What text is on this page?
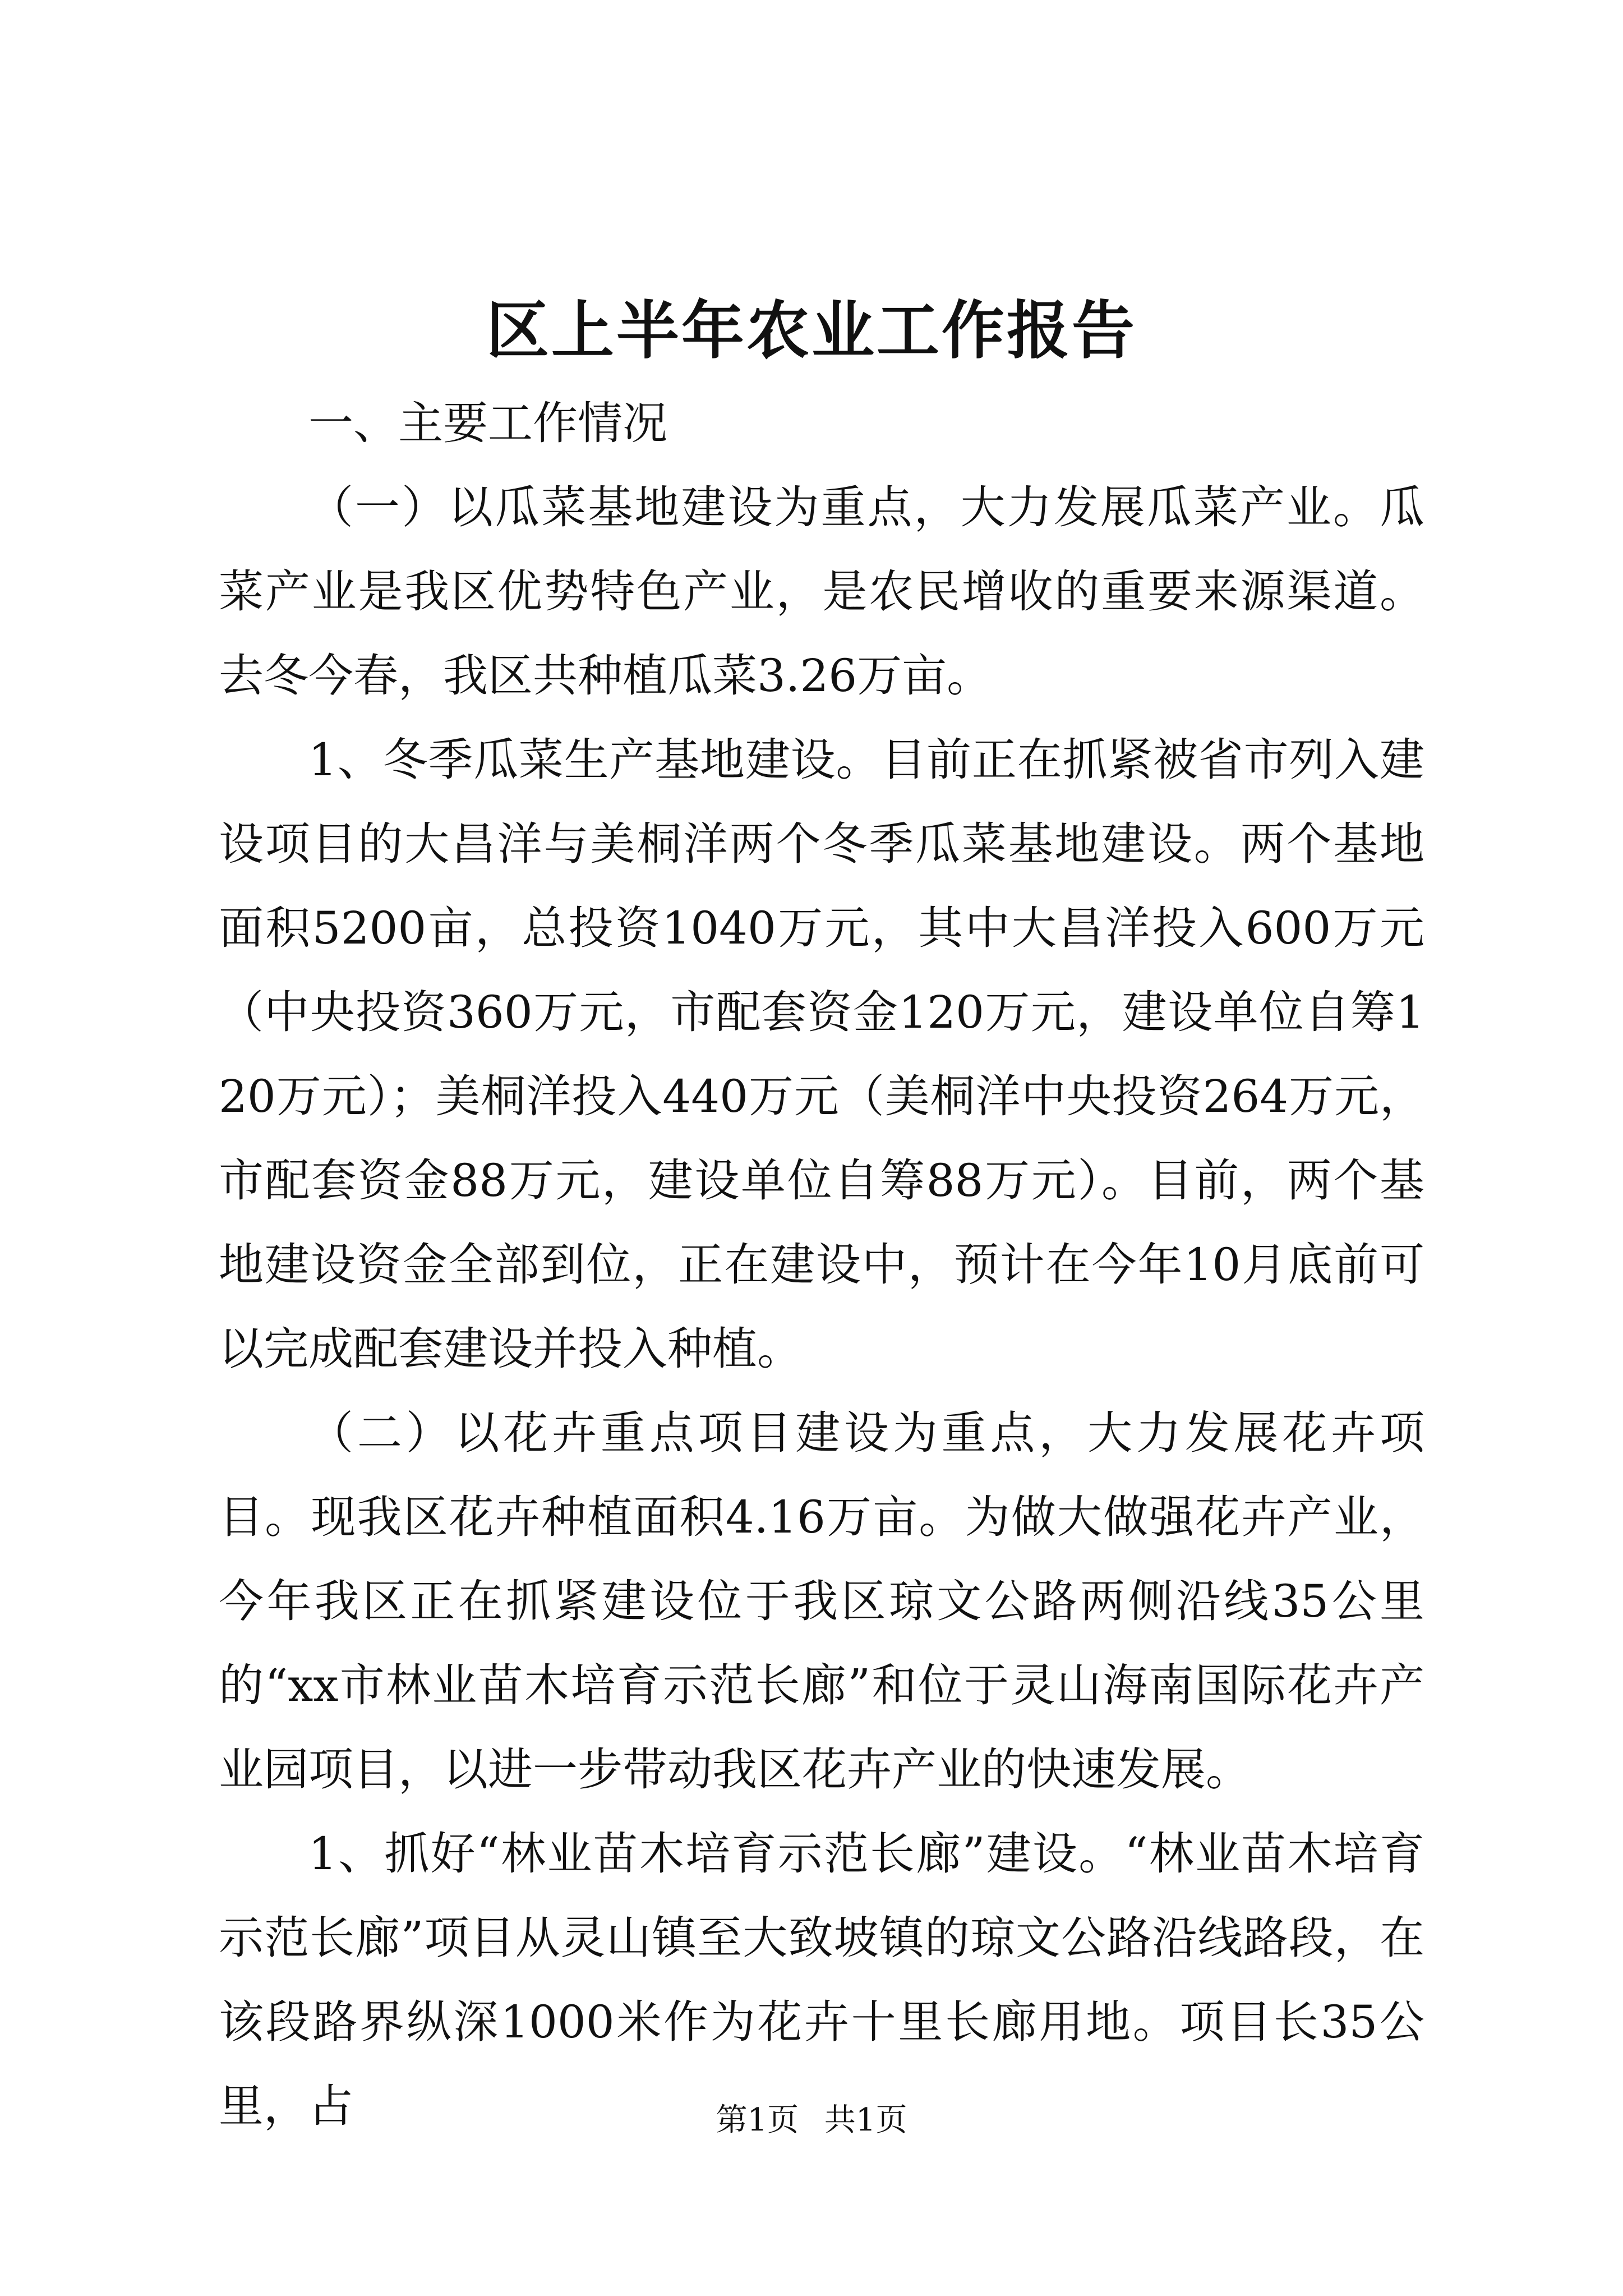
区上半年农业工作报告

一、主要工作情况

（一）以瓜菜基地建设为重点，大力发展瓜菜产业。瓜菜产业是我区优势特色产业，是农民增收的重要来源渠道。去冬今春，我区共种植瓜菜3.26万亩。

1、冬季瓜菜生产基地建设。目前正在抓紧被省市列入建设项目的大昌洋与美桐洋两个冬季瓜菜基地建设。两个基地面积5200亩，总投资1040万元，其中大昌洋投入600万元（中央投资360万元，市配套资金120万元，建设单位自筹120万元）；美桐洋投入440万元（美桐洋中央投资264万元，市配套资金88万元，建设单位自筹88万元）。目前，两个基地建设资金全部到位，正在建设中，预计在今年10月底前可以完成配套建设并投入种植。

（二）以花卉重点项目建设为重点，大力发展花卉项目。现我区花卉种植面积4.16万亩。为做大做强花卉产业，今年我区正在抓紧建设位于我区琼文公路两侧沿线35公里的“xx市林业苗木培育示范长廊”和位于灵山海南国际花卉产业园项目，以进一步带动我区花卉产业的快速发展。

1、抓好“林业苗木培育示范长廊”建设。“林业苗木培育示范长廊”项目从灵山镇至大致坡镇的琼文公路沿线路段，在该段路界纵深1000米作为花卉十里长廊用地。项目长35公里，占	第1页 共1页
